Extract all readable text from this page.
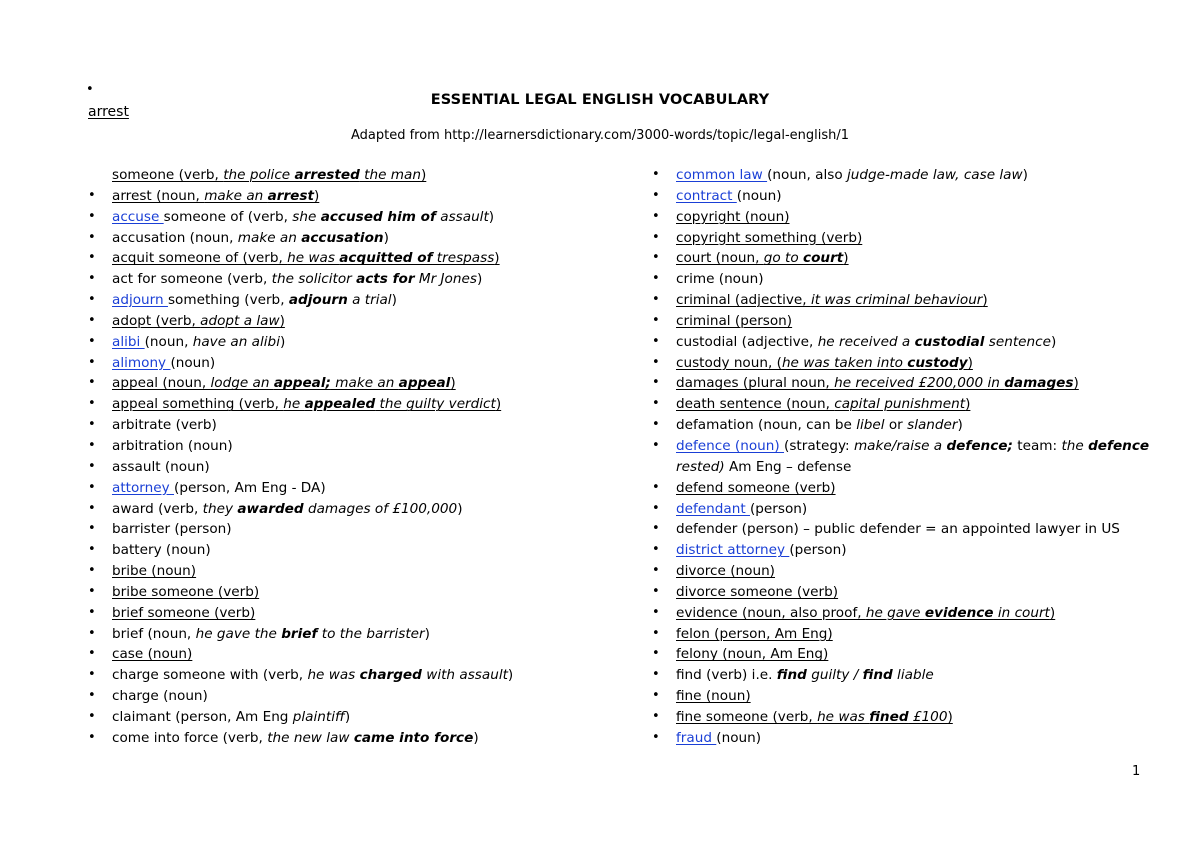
•
arrest
ESSENTIAL LEGAL ENGLISH VOCABULARY
Adapted from http://learnersdictionary.com/3000-words/topic/legal-english/1
someone (verb, the police arrested the man)
•	arrest (noun, make an arrest)
•	accuse someone of (verb, she accused him of assault)
•	accusation (noun, make an accusation)
•	acquit someone of (verb, he was acquitted of trespass)
•	act for someone (verb, the solicitor acts for Mr Jones)
•	adjourn something (verb, adjourn a trial)
•	adopt (verb, adopt a law)
•	alibi (noun, have an alibi)
•	alimony (noun)
•	appeal (noun, lodge an appeal; make an appeal)
•	appeal something (verb, he appealed the guilty verdict)
•	arbitrate (verb)
•	arbitration (noun)
•	assault (noun)
•	attorney (person, Am Eng - DA)
•	award (verb, they awarded damages of £100,000)
•	barrister (person)
•	battery (noun)
•	bribe (noun)
•	bribe someone (verb)
•	brief someone (verb)
•	brief (noun, he gave the brief to the barrister)
•	case (noun)
•	charge someone with (verb, he was charged with assault)
•	charge (noun)
•	claimant (person, Am Eng plaintiff)
•	come into force (verb, the new law came into force)
•	common law (noun, also judge-made law, case law)
•	contract (noun)
•	copyright (noun)
•	copyright something (verb)
•	court (noun, go to court)
•	crime (noun)
•	criminal (adjective, it was criminal behaviour)
•	criminal (person)
•	custodial (adjective, he received a custodial sentence)
•	custody noun, (he was taken into custody)
•	damages (plural noun, he received £200,000 in damages)
•	death sentence (noun, capital punishment)
•	defamation (noun, can be libel or slander)
•	defence (noun) (strategy: make/raise a defence; team: the defence rested) Am Eng – defense
•	defend someone (verb)
•	defendant (person)
•	defender (person) – public defender = an appointed lawyer in US
•	district attorney (person)
•	divorce (noun)
•	divorce someone (verb)
•	evidence (noun, also proof, he gave evidence in court)
•	felon (person, Am Eng)
•	felony (noun, Am Eng)
•	find (verb) i.e. find guilty / find liable
•	fine (noun)
•	fine someone (verb, he was fined £100)
•	fraud (noun)
1
